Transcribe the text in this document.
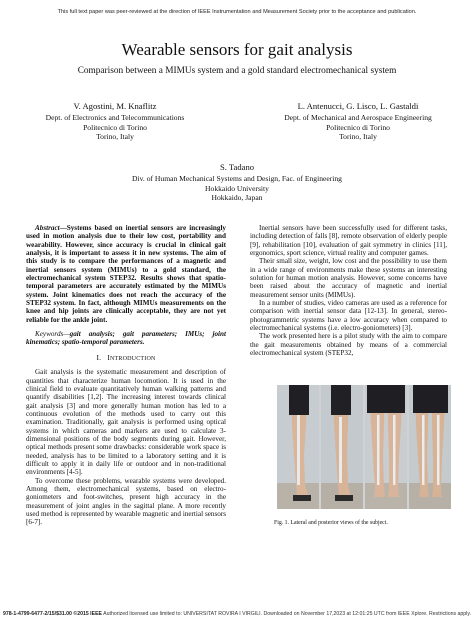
This full text paper was peer-reviewed at the direction of IEEE Instrumentation and Measurement Society prior to the acceptance and publication.
Wearable sensors for gait analysis
Comparison between a MIMUs system and a gold standard electromechanical system
V. Agostini, M. Knaflitz
Dept. of Electronics and Telecommunications
Politecnico di Torino
Torino, Italy
L. Antenucci, G. Lisco, L. Gastaldi
Dept. of Mechanical and Aerospace Engineering
Politecnico di Torino
Torino, Italy
S. Tadano
Div. of Human Mechanical Systems and Design, Fac. of Engineering
Hokkaido University
Hokkaido, Japan

Abstract—Systems based on inertial sensors are increasingly used in motion analysis due to their low cost, portability and wearability. However, since accuracy is crucial in clinical gait analysis, it is important to assess it in new systems. The aim of this study is to compare the performances of a magnetic and inertial sensors system (MIMUs) to a gold standard, the electromechanical system STEP32. Results shows that spatio-temporal parameters are accurately estimated by the MIMUs system. Joint kinematics does not reach the accuracy of the STEP32 system. In fact, although MIMUs measurements on the knee and hip joints are clinically acceptable, they are not yet reliable for the ankle joint.

Keywords—gait analysis; gait parameters; IMUs; joint kinematics; spatio-temporal parameters.

I. INTRODUCTION

Gait analysis is the systematic measurement and description of quantities that characterize human locomotion. It is used in the clinical field to evaluate quantitatively human walking patterns and quantify disabilities [1,2]. The increasing interest towards clinical gait analysis [3] and more generally human motion has led to a continuous evolution of the methods used to carry out this examination. Traditionally, gait analysis is performed using optical systems in which cameras and markers are used to calculate 3-dimensional positions of the body segments during gait. However, optical methods present some drawbacks: considerable work space is needed, analysis has to be limited to a laboratory setting and it is difficult to apply it in daily life or outdoor and in non-traditional environments [4-5].

To overcome these problems, wearable systems were developed. Among them, electromechanical systems, based on electro-goniometers and foot-switches, present high accuracy in the measurement of joint angles in the sagittal plane. A more recently used method is represented by wearable magnetic and inertial sensors [6-7].

Inertial sensors have been successfully used for different tasks, including detection of falls [8], remote observation of elderly people [9], rehabilitation [10], evaluation of gait symmetry in clinics [11], ergonomics, sport science, virtual reality and computer games.

Their small size, weight, low cost and the possibility to use them in a wide range of environments make these systems an interesting solution for human motion analysis. However, some concerns have been raised about the accuracy of magnetic and inertial measurement sensor units (MIMUs).

In a number of studies, video cameras are used as a reference for comparison with inertial sensor data [12-13]. In general, stereo-photogrammetric systems have a low accuracy when compared to electromechanical systems (i.e. electro-goniometers) [3].

The work presented here is a pilot study with the aim to compare the gait measurements obtained by means of a commercial electromechanical system (STEP32,

Fig. 1. Lateral and posterior views of the subject.
978-1-4799-6477-2/15/$31.00 ©2015 IEEE Authorized licensed use limited to: UNIVERSITAT ROVIRA I VIRGILI. Downloaded on November 17,2023 at 12:01:25 UTC from IEEE Xplore. Restrictions apply.
